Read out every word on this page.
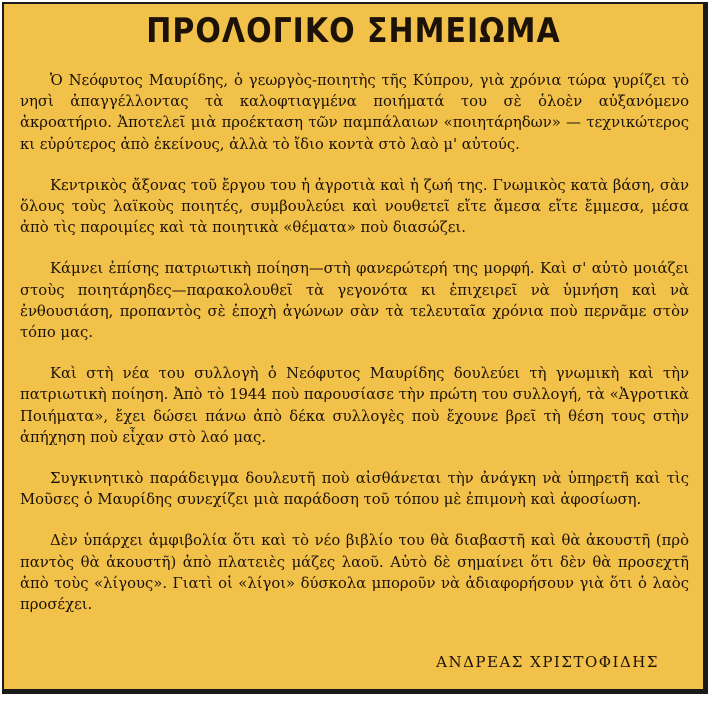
ΠΡΟΛΟΓΙΚΟ ΣΗΜΕΙΩΜΑ

Ὁ Νεόφυτος Μαυρίδης, ὁ γεωργὸς-ποιητὴς τῆς Κύπρου, γιὰ χρόνια τώρα γυρίζει τὸ νησὶ ἀπαγγέλλοντας τὰ καλοφτιαγμένα ποιήματά του σὲ ὁλοὲν αὐξανόμενο ἀκροατήριο. Ἀποτελεῖ μιὰ προέκταση τῶν παμπάλαιων «ποιητάρηδων» — τεχνικώτερος κι εὐρύτερος ἀπὸ ἐκείνους, ἀλλὰ τὸ ἴδιο κοντὰ στὸ λαὸ μ' αὐτούς.

Κεντρικὸς ἄξονας τοῦ ἔργου του ἡ ἀγροτιὰ καὶ ἡ ζωή της. Γνωμικὸς κατὰ βάση, σὰν ὅλους τοὺς λαϊκοὺς ποιητές, συμβουλεύει καὶ νουθετεῖ εἴτε ἄμεσα εἴτε ἔμμεσα, μέσα ἀπὸ τὶς παροιμίες καὶ τὰ ποιητικὰ «θέματα» ποὺ διασώζει.

Κάμνει ἐπίσης πατριωτικὴ ποίηση—στὴ φανερώτερή της μορφή. Καὶ σ' αὐτὸ μοιάζει στοὺς ποιητάρηδες—παρακολουθεῖ τὰ γεγονότα κι ἐπιχειρεῖ νὰ ὑμνήση καὶ νὰ ἐνθουσιάση, προπαντὸς σὲ ἐποχὴ ἀγώνων σὰν τὰ τελευταῖα χρόνια ποὺ περνᾶμε στὸν τόπο μας.

Καὶ στὴ νέα του συλλογὴ ὁ Νεόφυτος Μαυρίδης δουλεύει τὴ γνωμικὴ καὶ τὴν πατριωτικὴ ποίηση. Ἀπὸ τὸ 1944 ποὺ παρουσίασε τὴν πρώτη του συλλογή, τὰ «Ἀγροτικὰ Ποιήματα», ἔχει δώσει πάνω ἀπὸ δέκα συλλογὲς ποὺ ἔχουνε βρεῖ τὴ θέση τους στὴν ἀπήχηση ποὺ εἶχαν στὸ λαό μας.

Συγκινητικὸ παράδειγμα δουλευτῆ ποὺ αἰσθάνεται τὴν ἀνάγκη νὰ ὑπηρετῆ καὶ τὶς Μοῦσες ὁ Μαυρίδης συνεχίζει μιὰ παράδοση τοῦ τόπου μὲ ἐπιμονὴ καὶ ἀφοσίωση.

Δὲν ὑπάρχει ἀμφιβολία ὅτι καὶ τὸ νέο βιβλίο του θὰ διαβαστῆ καὶ θὰ ἀκουστῆ (πρὸ παντὸς θὰ ἀκουστῆ) ἀπὸ πλατειὲς μάζες λαοῦ. Αὐτὸ δὲ σημαίνει ὅτι δὲν θὰ προσεχτῆ ἀπὸ τοὺς «λίγους». Γιατὶ οἱ «λίγοι» δύσκολα μποροῦν νὰ ἀδιαφορήσουν γιὰ ὅτι ὁ λαὸς προσέχει.

ΑΝΔΡΕΑΣ ΧΡΙΣΤΟΦΙΔΗΣ
